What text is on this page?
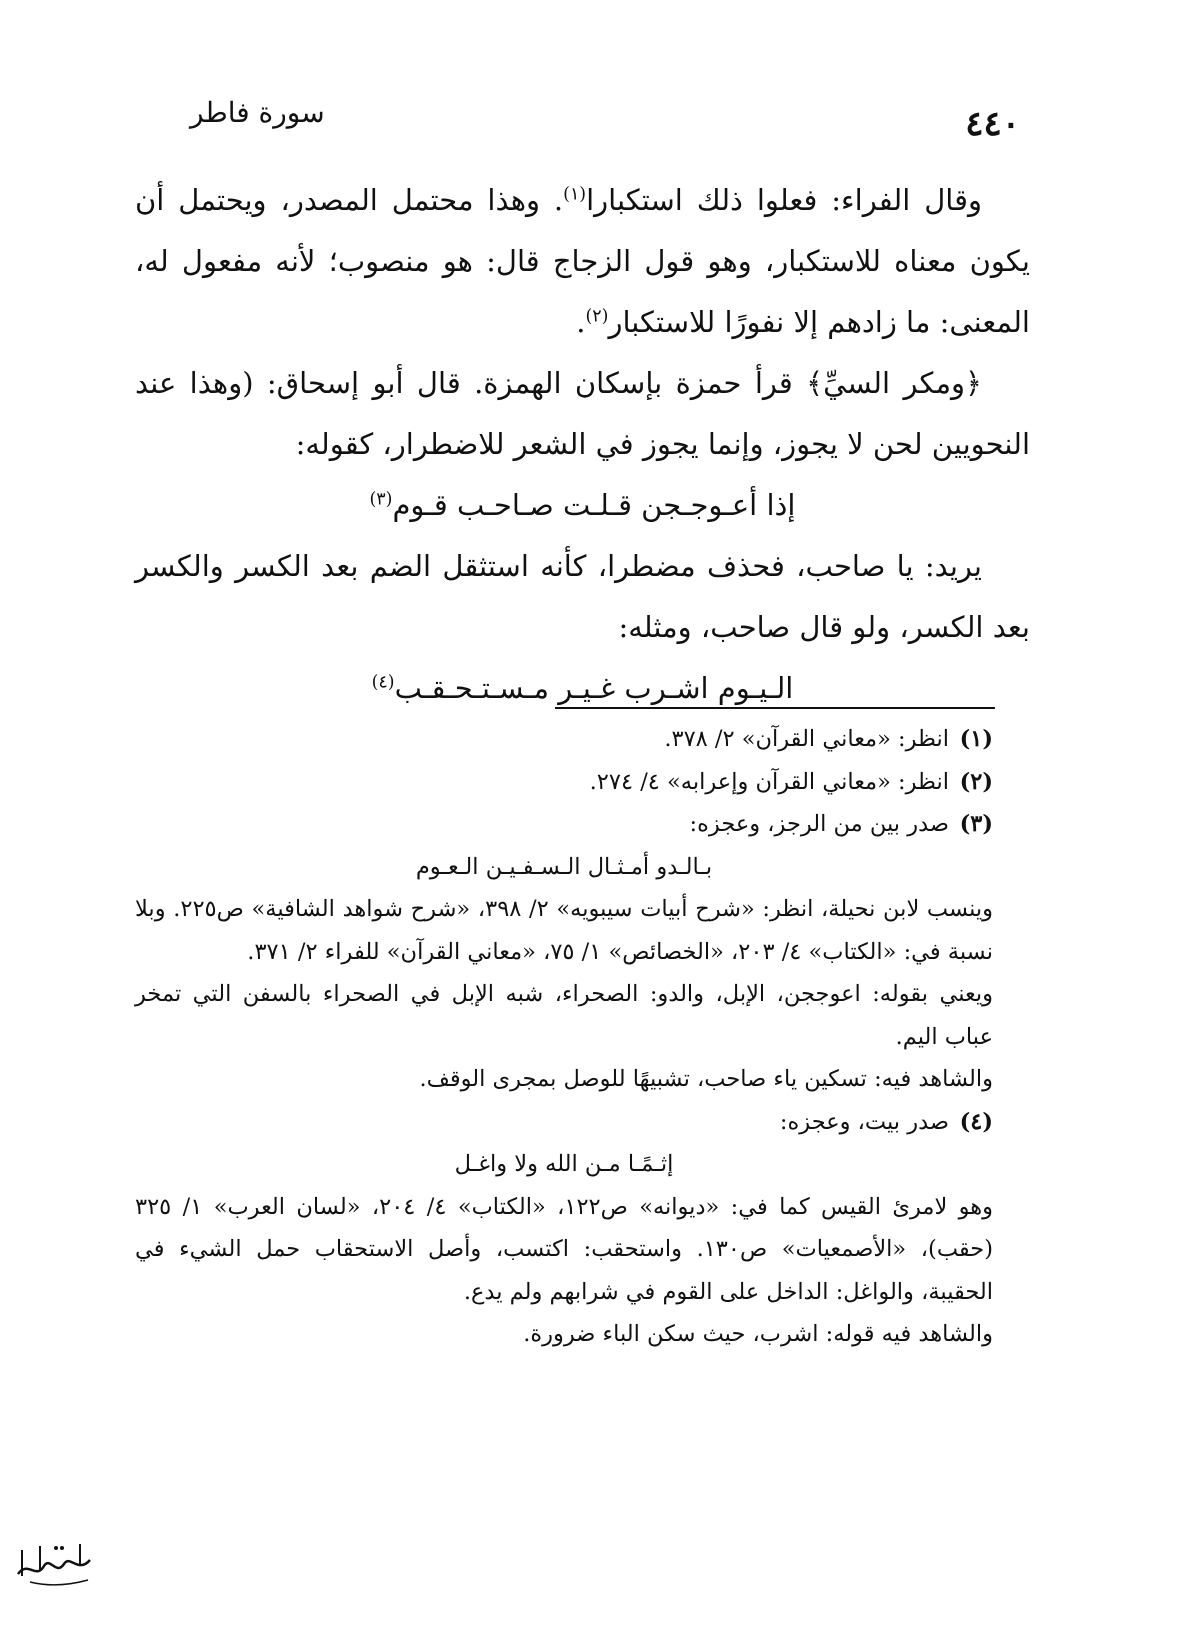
٤٤٠
سورة فاطر

وقال الفراء: فعلوا ذلك استكبارا$^{(١)}$. وهذا محتمل المصدر، ويحتمل أن يكون معناه للاستكبار، وهو قول الزجاج قال: هو منصوب؛ لأنه مفعول له، المعنى: ما زادهم إلا نفورًا للاستكبار$^{(٢)}$.

﴿ومكر السيِّ﴾ قرأ حمزة بإسكان الهمزة. قال أبو إسحاق: (وهذا عند النحويين لحن لا يجوز، وإنما يجوز في الشعر للاضطرار، كقوله:

إذا أعـوجـجن قـلـت صـاحـب قـوم$^{(٣)}$

يريد: يا صاحب، فحذف مضطرا، كأنه استثقل الضم بعد الكسر والكسر بعد الكسر، ولو قال صاحب، ومثله:

الـيـوم اشـرب غـيـر مـسـتـحـقـب$^{(٤)}$

(١)انظر: «معاني القرآن» ٢/ ٣٧٨.

(٢)انظر: «معاني القرآن وإعرابه» ٤/ ٢٧٤.

(٣)صدر بين من الرجز، وعجزه:

بـالـدو أمـثـال الـسـفـيـن الـعـوم

وينسب لابن نحيلة، انظر: «شرح أبيات سيبويه» ٢/ ٣٩٨، «شرح شواهد الشافية» ص٢٢٥. وبلا نسبة في: «الكتاب» ٤/ ٢٠٣، «الخصائص» ١/ ٧٥، «معاني القرآن» للفراء ٢/ ٣٧١.

ويعني بقوله: اعوججن، الإبل، والدو: الصحراء، شبه الإبل في الصحراء بالسفن التي تمخر عباب اليم.

والشاهد فيه: تسكين ياء صاحب، تشبيهًا للوصل بمجرى الوقف.

(٤)صدر بيت، وعجزه:

إثـمًـا مـن الله ولا واغـل

وهو لامرئ القيس كما في: «ديوانه» ص١٢٢، «الكتاب» ٤/ ٢٠٤، «لسان العرب» ١/ ٣٢٥ (حقب)، «الأصمعيات» ص١٣٠. واستحقب: اكتسب، وأصل الاستحقاب حمل الشيء في الحقيبة، والواغل: الداخل على القوم في شرابهم ولم يدع.

والشاهد فيه قوله: اشرب، حيث سكن الباء ضرورة.
